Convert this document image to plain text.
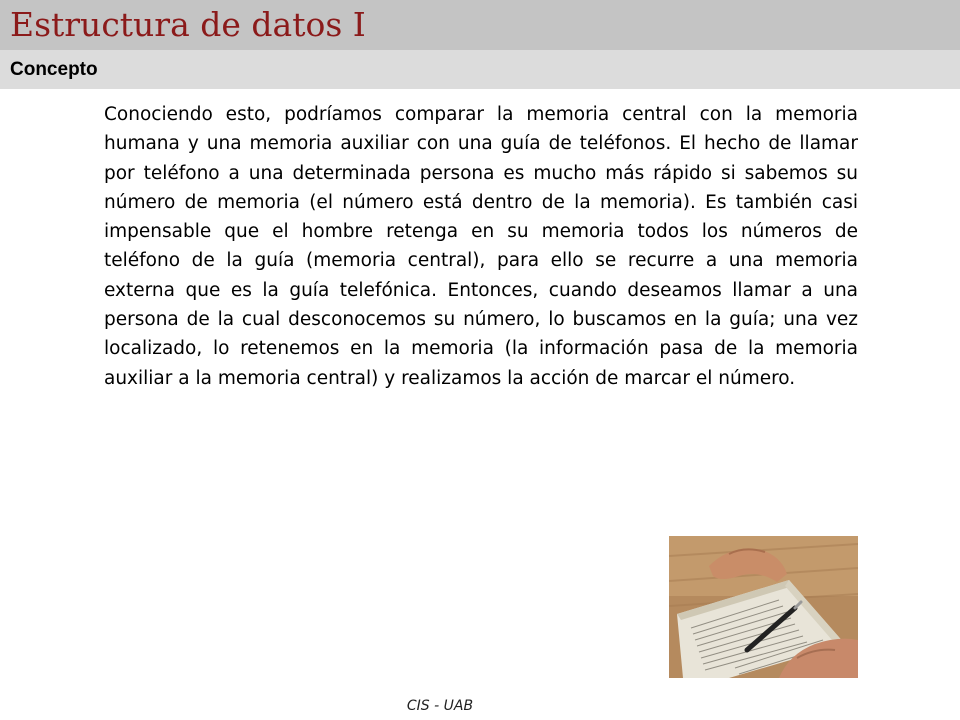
Estructura de datos I
Concepto

Conociendo esto, podríamos comparar la memoria central con la memoria humana y una memoria auxiliar con una guía de teléfonos. El hecho de llamar por teléfono a una determinada persona es mucho más rápido si sabemos su número de memoria (el número está dentro de la memoria). Es también casi impensable que el hombre retenga en su memoria todos los números de teléfono de la guía (memoria central), para ello se recurre a una memoria externa que es la guía telefónica. Entonces, cuando deseamos llamar a una persona de la cual desconocemos su número, lo buscamos en la guía; una vez localizado, lo retenemos en la memoria (la información pasa de la memoria auxiliar a la memoria central) y realizamos la acción de marcar el número.

CIS - UAB
